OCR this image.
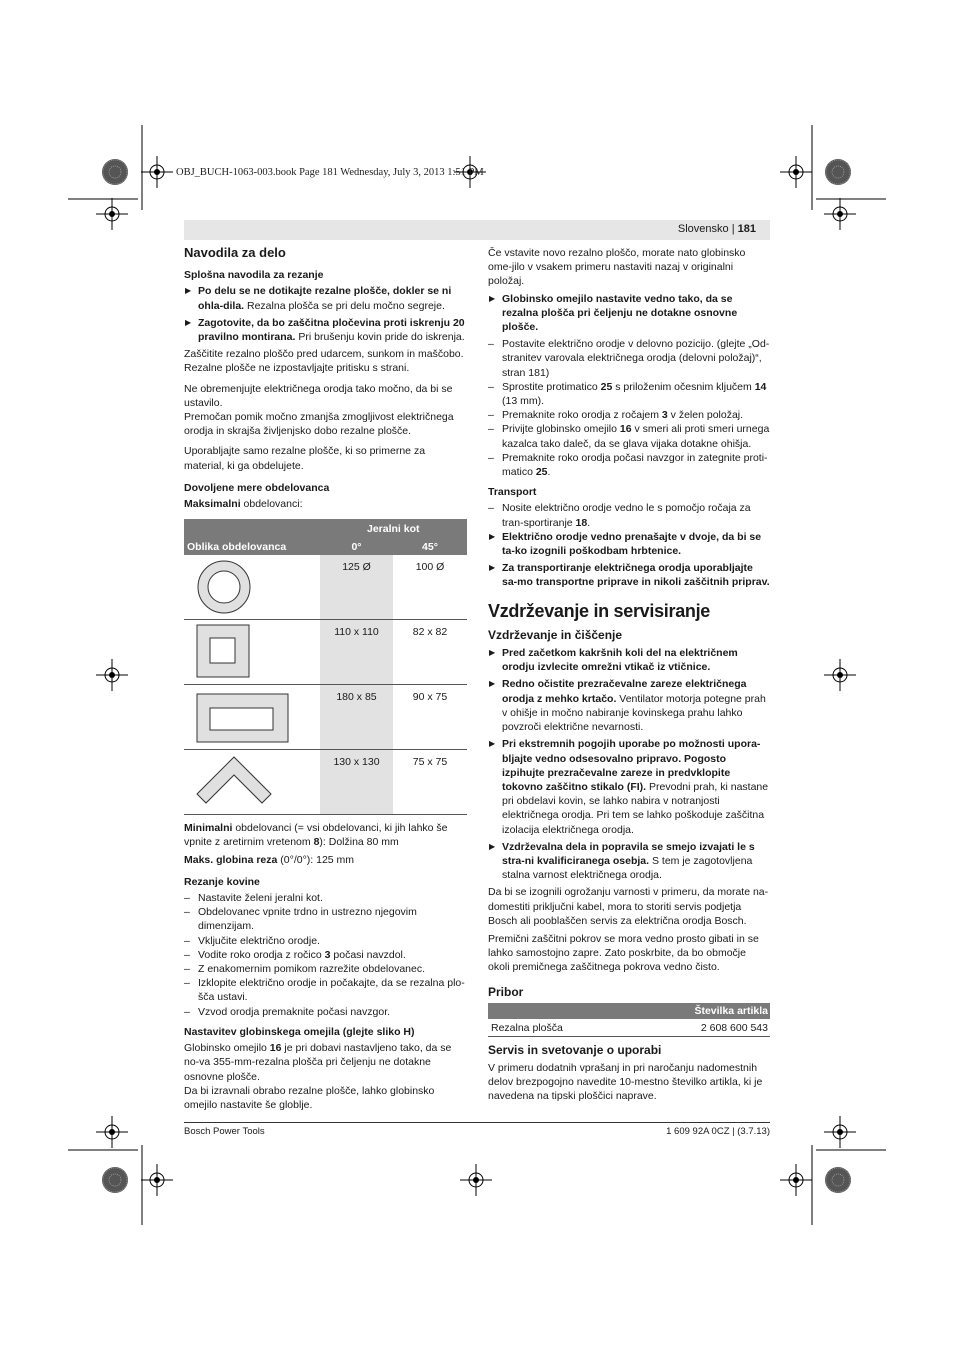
OBJ_BUCH-1063-003.book Page 181 Wednesday, July 3, 2013 1:51 PM
Slovensko | 181
Navodila za delo
Splošna navodila za rezanje
▶ Po delu se ne dotikajte rezalne plošče, dokler se ni ohla-dila. Rezalna plošča se pri delu močno segreje.
▶ Zagotovite, da bo zaščitna pločevina proti iskrenju 20 pravilno montirana. Pri brušenju kovin pride do iskrenja.

Zaščitite rezalno ploščo pred udarcem, sunkom in maščobo. Rezalne plošče ne izpostavljajte pritisku s strani.

Ne obremenjujte električnega orodja tako močno, da bi se ustavilo.

Premočan pomik močno zmanjša zmogljivost električnega orodja in skrajša življenjsko dobo rezalne plošče.

Uporabljajte samo rezalne plošče, ki so primerne za material, ki ga obdelujete.

Dovoljene mere obdelovanca

Maksimalni obdelovanci:

Jeralni kot
Oblika obdelovanca	0°	45°
125 Ø	100 Ø
110 x 110	82 x 82
180 x 85	90 x 75
130 x 130	75 x 75

Minimalni obdelovanci (= vsi obdelovanci, ki jih lahko še vpnite z aretirnim vretenom 8): Dolžina 80 mm

Maks. globina reza (0°/0°): 125 mm

Rezanje kovine
– Nastavite želeni jeralni kot.
– Obdelovanec vpnite trdno in ustrezno njegovim dimenzijam.
– Vključite električno orodje.
– Vodite roko orodja z ročico 3 počasi navzdol.
– Z enakomernim pomikom razrežite obdelovanec.
– Izklopite električno orodje in počakajte, da se rezalna plo-šča ustavi.
– Vzvod orodja premaknite počasi navzgor.
Nastavitev globinskega omejila (glejte sliko H)

Globinsko omejilo 16 je pri dobavi nastavljeno tako, da se no-va 355-mm-rezalna plošča pri čeljenju ne dotakne osnovne plošče.

Da bi izravnali obrabo rezalne plošče, lahko globinsko omejilo nastavite še globlje.

Če vstavite novo rezalno ploščo, morate nato globinsko ome-jilo v vsakem primeru nastaviti nazaj v originalni položaj.

▶ Globinsko omejilo nastavite vedno tako, da se rezalna plošča pri čeljenju ne dotakne osnovne plošče.
– Postavite električno orodje v delovno pozicijo. (glejte „Od-stranitev varovala električnega orodja (delovni položaj)“, stran 181)
– Sprostite protimatico 25 s priloženim očesnim ključem 14 (13 mm).
– Premaknite roko orodja z ročajem 3 v želen položaj.
– Privijte globinsko omejilo 16 v smeri ali proti smeri urnega kazalca tako daleč, da se glava vijaka dotakne ohišja.
– Premaknite roko orodja počasi navzgor in zategnite proti-matico 25.
Transport
– Nosite električno orodje vedno le s pomočjo ročaja za tran-sportiranje 18.
▶ Električno orodje vedno prenašajte v dvoje, da bi se ta-ko izognili poškodbam hrbtenice.
▶ Za transportiranje električnega orodja uporabljajte sa-mo transportne priprave in nikoli zaščitnih priprav.
Vzdrževanje in servisiranje
Vzdrževanje in čiščenje
▶ Pred začetkom kakršnih koli del na električnem orodju izvlecite omrežni vtikač iz vtičnice.
▶ Redno očistite prezračevalne zareze električnega orodja z mehko krtačo. Ventilator motorja potegne prah v ohišje in močno nabiranje kovinskega prahu lahko povzroči električne nevarnosti.
▶ Pri ekstremnih pogojih uporabe po možnosti upora-bljajte vedno odsesovalno pripravo. Pogosto izpihujte prezračevalne zareze in predvklopite tokovno zaščitno stikalo (FI). Prevodni prah, ki nastane pri obdelavi kovin, se lahko nabira v notranjosti električnega orodja. Pri tem se lahko poškoduje zaščitna izolacija električnega orodja.
▶ Vzdrževalna dela in popravila se smejo izvajati le s stra-ni kvalificiranega osebja. S tem je zagotovljena stalna varnost električnega orodja.

Da bi se izognili ogrožanju varnosti v primeru, da morate na-domestiti priključni kabel, mora to storiti servis podjetja Bosch ali pooblaščen servis za električna orodja Bosch.

Premični zaščitni pokrov se mora vedno prosto gibati in se lahko samostojno zapre. Zato poskrbite, da bo območje okoli premičnega zaščitnega pokrova vedno čisto.

Pribor
Številka artikla
Rezalna plošča	2 608 600 543
Servis in svetovanje o uporabi

V primeru dodatnih vprašanj in pri naročanju nadomestnih delov brezpogojno navedite 10-mestno številko artikla, ki je navedena na tipski ploščici naprave.

Bosch Power Tools	1 609 92A 0CZ | (3.7.13)
